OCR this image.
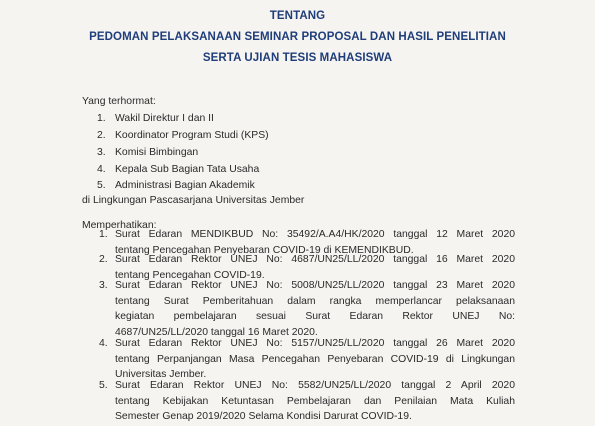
TENTANG
PEDOMAN PELAKSANAAN SEMINAR PROPOSAL DAN HASIL PENELITIAN
SERTA UJIAN TESIS MAHASISWA
Yang terhormat:
1. Wakil Direktur I dan II
2. Koordinator Program Studi (KPS)
3. Komisi Bimbingan
4. Kepala Sub Bagian Tata Usaha
5. Administrasi Bagian Akademik
di Lingkungan Pascasarjana Universitas Jember
Memperhatikan:
1. Surat Edaran MENDIKBUD No: 35492/A.A4/HK/2020 tanggal 12 Maret 2020
tentang Pencegahan Penyebaran COVID-19 di KEMENDIKBUD.
2. Surat Edaran Rektor UNEJ No: 4687/UN25/LL/2020 tanggal 16 Maret 2020
tentang Pencegahan COVID-19.
3. Surat Edaran Rektor UNEJ No: 5008/UN25/LL/2020 tanggal 23 Maret 2020
tentang Surat Pemberitahuan dalam rangka memperlancar pelaksanaan
kegiatan pembelajaran sesuai Surat Edaran Rektor UNEJ No:
4687/UN25/LL/2020 tanggal 16 Maret 2020.
4. Surat Edaran Rektor UNEJ No: 5157/UN25/LL/2020 tanggal 26 Maret 2020
tentang Perpanjangan Masa Pencegahan Penyebaran COVID-19 di Lingkungan
Universitas Jember.
5. Surat Edaran Rektor UNEJ No: 5582/UN25/LL/2020 tanggal 2 April 2020
tentang Kebijakan Ketuntasan Pembelajaran dan Penilaian Mata Kuliah
Semester Genap 2019/2020 Selama Kondisi Darurat COVID-19.
